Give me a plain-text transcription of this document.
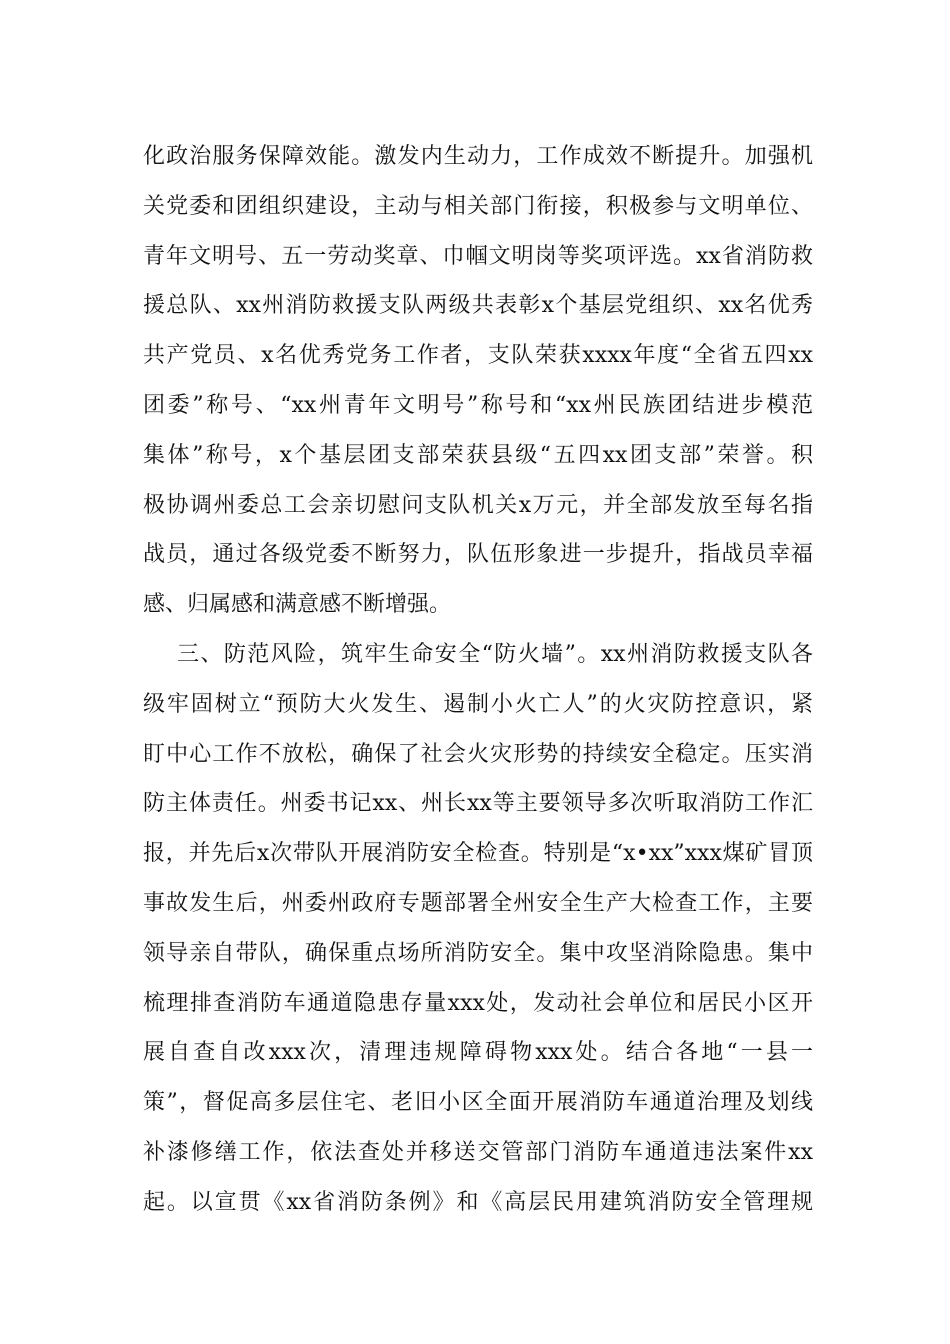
化政治服务保障效能。激发内生动力，工作成效不断提升。加强机
关党委和团组织建设，主动与相关部门衔接，积极参与文明单位、
青年文明号、五一劳动奖章、巾帼文明岗等奖项评选。xx省消防救
援总队、xx州消防救援支队两级共表彰x个基层党组织、xx名优秀
共产党员、x名优秀党务工作者，支队荣获xxxx年度“全省五四xx
团委”称号、“xx州青年文明号”称号和“xx州民族团结进步模范
集体”称号，x个基层团支部荣获县级“五四xx团支部”荣誉。积
极协调州委总工会亲切慰问支队机关x万元，并全部发放至每名指
战员，通过各级党委不断努力，队伍形象进一步提升，指战员幸福
感、归属感和满意感不断增强。
三、防范风险，筑牢生命安全“防火墙”。xx州消防救援支队各
级牢固树立“预防大火发生、遏制小火亡人”的火灾防控意识，紧
盯中心工作不放松，确保了社会火灾形势的持续安全稳定。压实消
防主体责任。州委书记xx、州长xx等主要领导多次听取消防工作汇
报，并先后x次带队开展消防安全检查。特别是“x•xx”xxx煤矿冒顶
事故发生后，州委州政府专题部署全州安全生产大检查工作，主要
领导亲自带队，确保重点场所消防安全。集中攻坚消除隐患。集中
梳理排查消防车通道隐患存量xxx处，发动社会单位和居民小区开
展自查自改xxx次，清理违规障碍物xxx处。结合各地“一县一
策”，督促高多层住宅、老旧小区全面开展消防车通道治理及划线
补漆修缮工作，依法查处并移送交管部门消防车通道违法案件xx
起。以宣贯《xx省消防条例》和《高层民用建筑消防安全管理规
